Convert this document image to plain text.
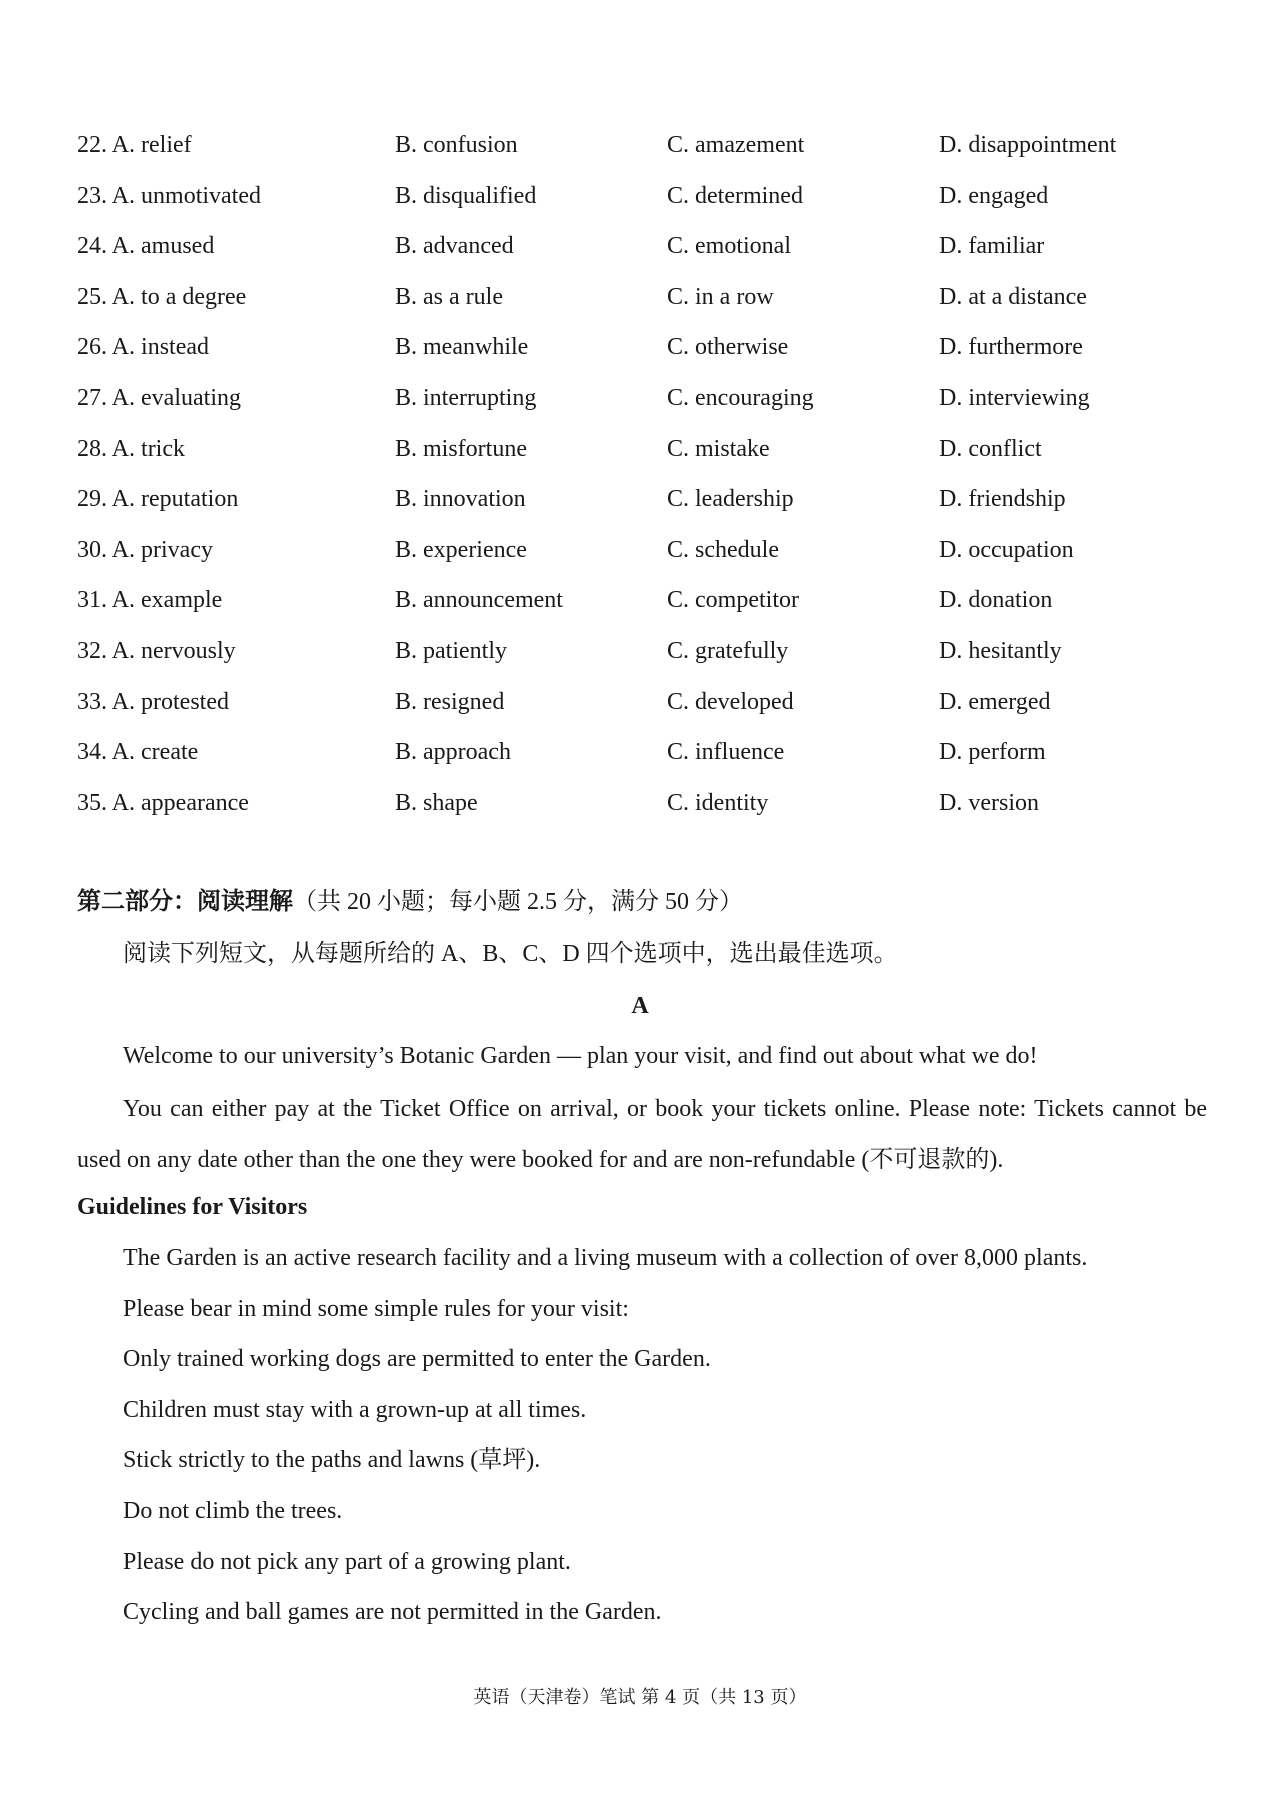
22. A. relief	B. confusion	C. amazement	D. disappointment
23. A. unmotivated	B. disqualified	C. determined	D. engaged
24. A. amused	B. advanced	C. emotional	D. familiar
25. A. to a degree	B. as a rule	C. in a row	D. at a distance
26. A. instead	B. meanwhile	C. otherwise	D. furthermore
27. A. evaluating	B. interrupting	C. encouraging	D. interviewing
28. A. trick	B. misfortune	C. mistake	D. conflict
29. A. reputation	B. innovation	C. leadership	D. friendship
30. A. privacy	B. experience	C. schedule	D. occupation
31. A. example	B. announcement	C. competitor	D. donation
32. A. nervously	B. patiently	C. gratefully	D. hesitantly
33. A. protested	B. resigned	C. developed	D. emerged
34. A. create	B. approach	C. influence	D. perform
35. A. appearance	B. shape	C. identity	D. version
第二部分：阅读理解（共 20 小题；每小题 2.5 分，满分 50 分）
阅读下列短文，从每题所给的 A、B、C、D 四个选项中，选出最佳选项。
A
Welcome to our university’s Botanic Garden — plan your visit, and find out about what we do!
You can either pay at the Ticket Office on arrival, or book your tickets online. Please note: Tickets cannot be used on any date other than the one they were booked for and are non-refundable (不可退款的).
Guidelines for Visitors
The Garden is an active research facility and a living museum with a collection of over 8,000 plants.
Please bear in mind some simple rules for your visit:
Only trained working dogs are permitted to enter the Garden.
Children must stay with a grown-up at all times.
Stick strictly to the paths and lawns (草坪).
Do not climb the trees.
Please do not pick any part of a growing plant.
Cycling and ball games are not permitted in the Garden.
英语（天津卷）笔试 第 4 页（共 13 页）
